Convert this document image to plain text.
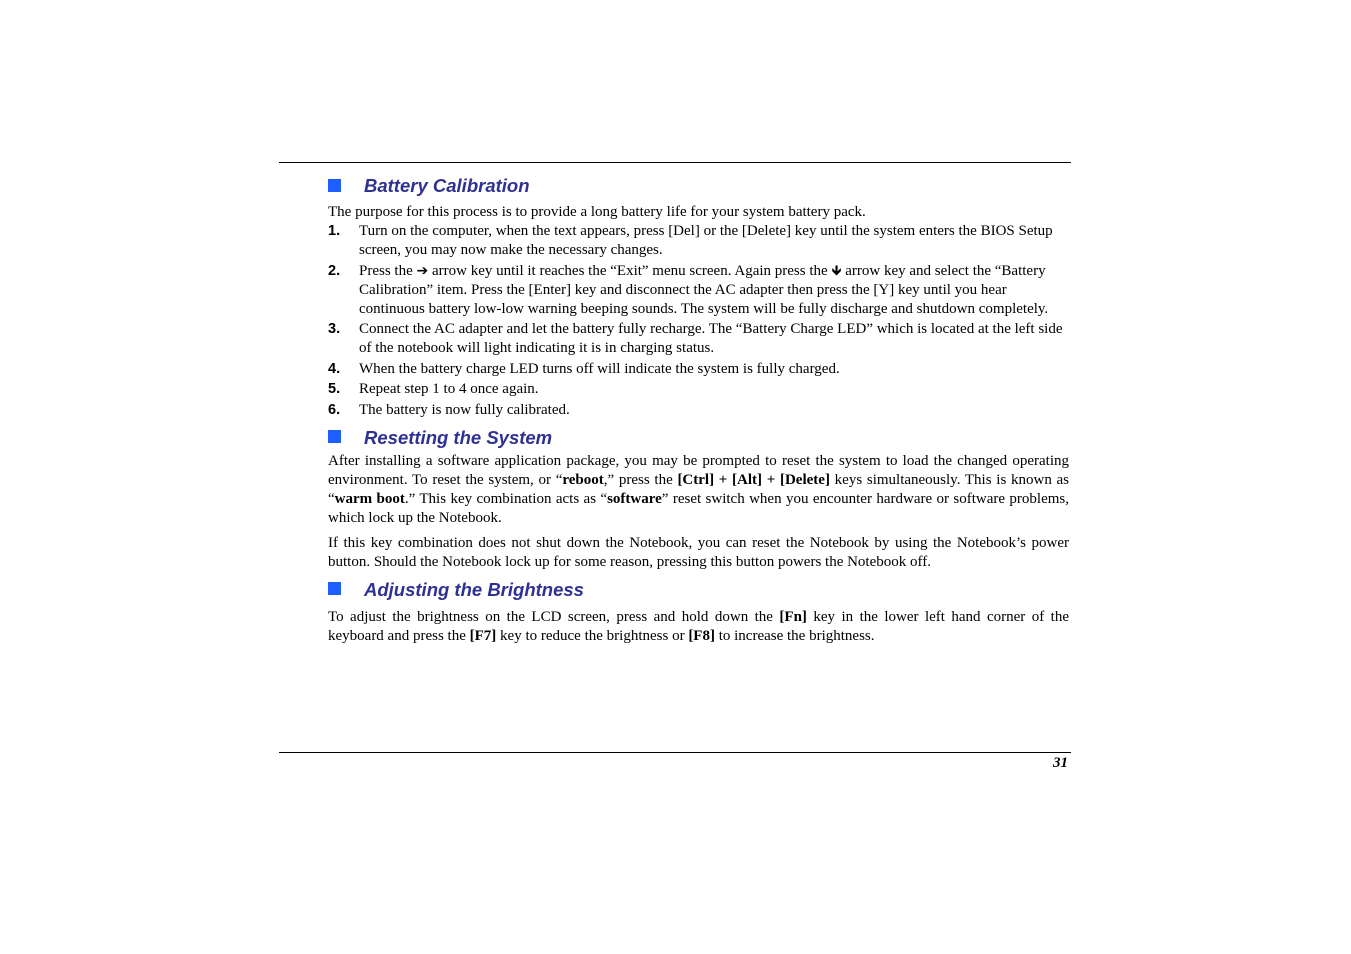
Battery Calibration

The purpose for this process is to provide a long battery life for your system battery pack.

1.	Turn on the computer, when the text appears, press [Del] or the [Delete] key until the system enters the BIOS Setup screen, you may now make the necessary changes.
2.	Press the ➔ arrow key until it reaches the “Exit” menu screen. Again press the 🡻 arrow key and select the “Battery Calibration” item. Press the [Enter] key and disconnect the AC adapter then press the [Y] key until you hear continuous battery low-low warning beeping sounds. The system will be fully discharge and shutdown completely.
3.	Connect the AC adapter and let the battery fully recharge. The “Battery Charge LED” which is located at the left side of the notebook will light indicating it is in charging status.
4.	When the battery charge LED turns off will indicate the system is fully charged.
5.	Repeat step 1 to 4 once again.
6.	The battery is now fully calibrated.
Resetting the System

After installing a software application package, you may be prompted to reset the system to load the changed operating environment. To reset the system, or “reboot,” press the [Ctrl] + [Alt] + [Delete] keys simultaneously. This is known as “warm boot.” This key combination acts as “software” reset switch when you encounter hardware or software problems, which lock up the Notebook.

If this key combination does not shut down the Notebook, you can reset the Notebook by using the Notebook’s power button. Should the Notebook lock up for some reason, pressing this button powers the Notebook off.

Adjusting the Brightness

To adjust the brightness on the LCD screen, press and hold down the [Fn] key in the lower left hand corner of the keyboard and press the [F7] key to reduce the brightness or [F8] to increase the brightness.

31
